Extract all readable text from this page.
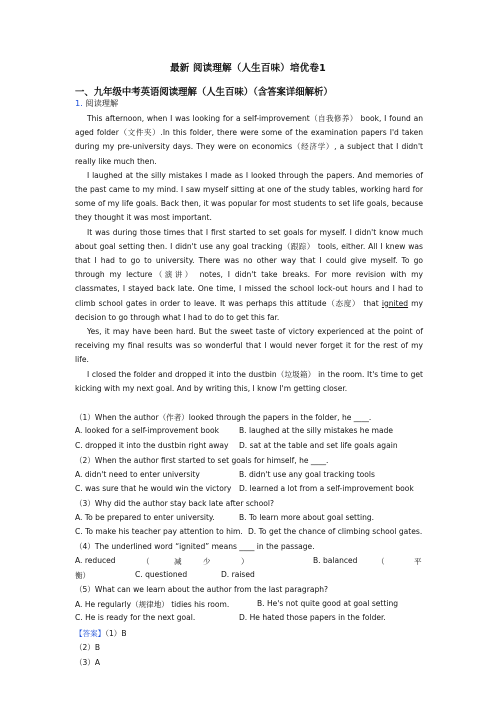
最新 阅读理解（人生百味）培优卷1
一、九年级中考英语阅读理解（人生百味）（含答案详细解析）
1. 阅读理解

This afternoon, when I was looking for a self-improvement（自我修养） book, I found an aged folder（文件夹）.In this folder, there were some of the examination papers I'd taken during my pre-university days. They were on economics（经济学）, a subject that I didn't really like much then.

I laughed at the silly mistakes I made as I looked through the papers. And memories of the past came to my mind. I saw myself sitting at one of the study tables, working hard for some of my life goals. Back then, it was popular for most students to set life goals, because they thought it was most important.

It was during those times that I first started to set goals for myself. I didn't know much about goal setting then. I didn't use any goal tracking（跟踪） tools, either. All I knew was that I had to go to university. There was no other way that I could give myself. To go through my lecture（演讲） notes, I didn't take breaks. For more revision with my classmates, I stayed back late. One time, I missed the school lock-out hours and I had to climb school gates in order to leave. It was perhaps this attitude（态度） that ignited my decision to go through what I had to do to get this far.

Yes, it may have been hard. But the sweet taste of victory experienced at the point of receiving my final results was so wonderful that I would never forget it for the rest of my life.

I closed the folder and dropped it into the dustbin（垃圾箱） in the room. It's time to get kicking with my next goal. And by writing this, I know I'm getting closer.

（1）When the author（作者）looked through the papers in the folder, he ____.
A. looked for a self-improvement book	B. laughed at the silly mistakes he made
C. dropped it into the dustbin right away D. sat at the table and set life goals again
（2）When the author first started to set goals for himself, he ____.
A. didn't need to enter university	B. didn't use any goal tracking tools
C. was sure that he would win the victory D. learned a lot from a self-improvement book
（3）Why did the author stay back late after school?
A. To be prepared to enter university.	B. To learn more about goal setting.
C. To make his teacher pay attention to him. D. To get the chance of climbing school gates.
（4）The underlined word “ignited” means ____ in the passage.
A. reduced	（	减	少	）	B. balanced	（	平
衡）	C. questioned	D. raised
（5）What can we learn about the author from the last paragraph?
A. He regularly（规律地） tidies his room.	B. He's not quite good at goal setting
C. He is ready for the next goal.	D. He hated those papers in the folder.
【答案】（1）B
（2）B
（3）A
